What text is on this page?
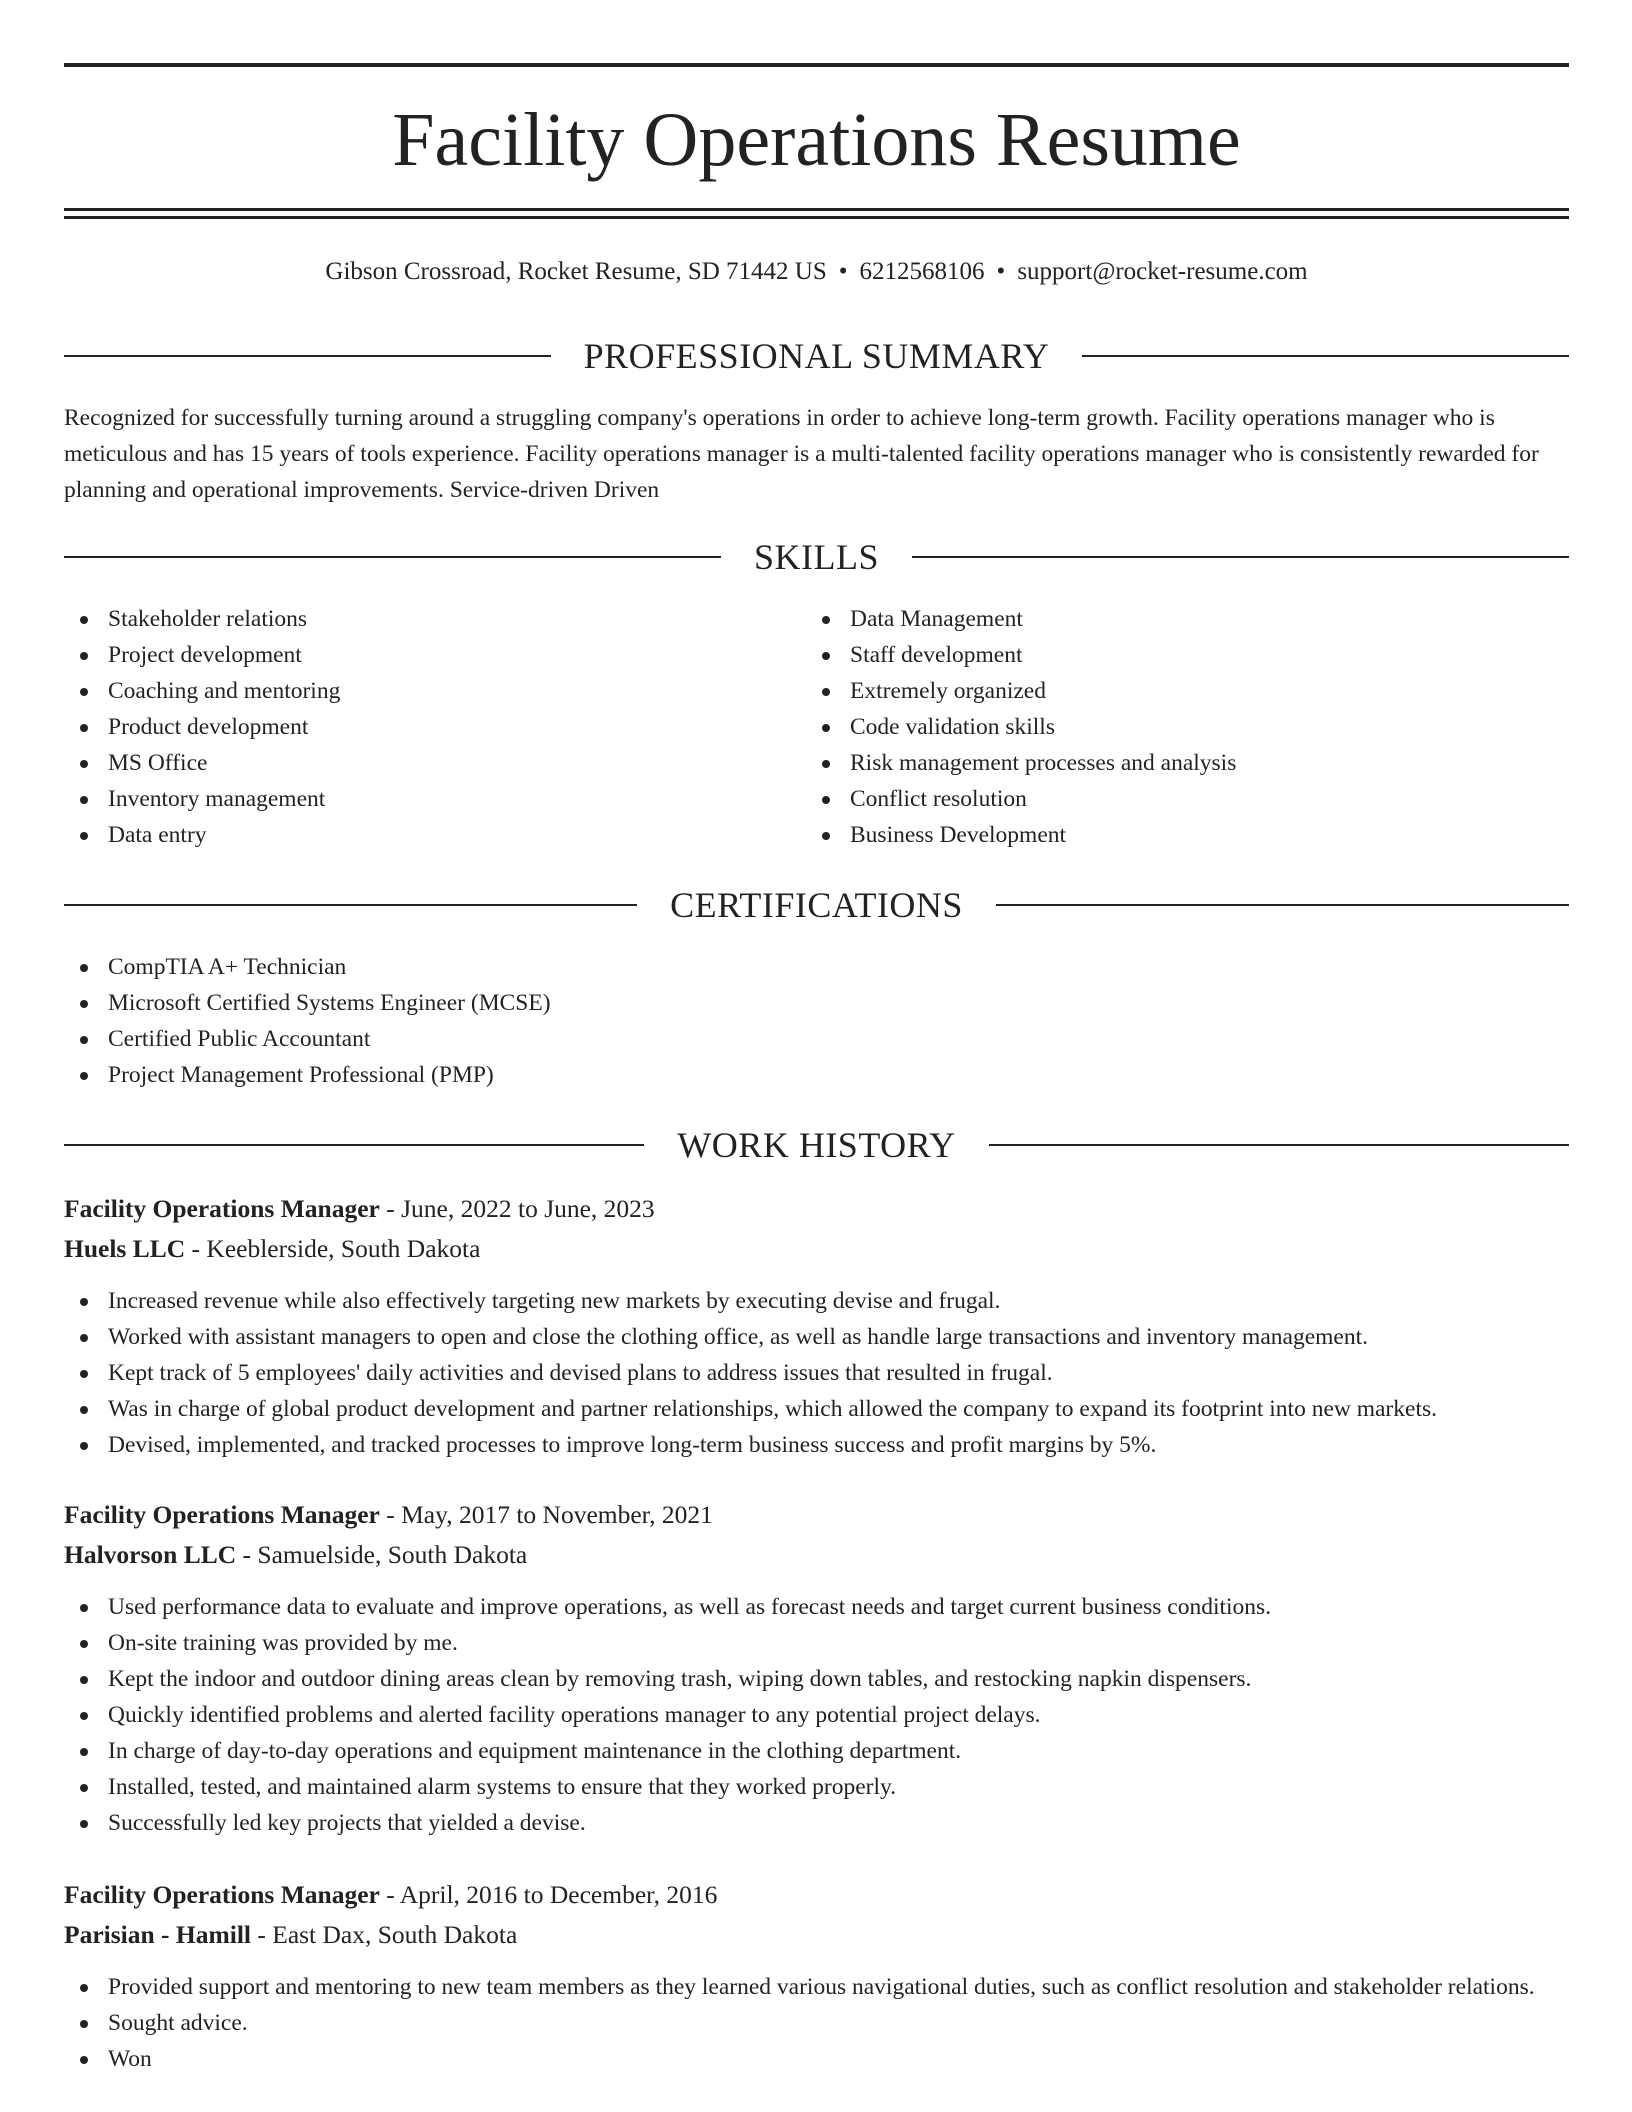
Facility Operations Resume
Gibson Crossroad, Rocket Resume, SD 71442 US • 6212568106 • support@rocket-resume.com
PROFESSIONAL SUMMARY

Recognized for successfully turning around a struggling company's operations in order to achieve long-term growth. Facility operations manager who is meticulous and has 15 years of tools experience. Facility operations manager is a multi-talented facility operations manager who is consistently rewarded for planning and operational improvements. Service-driven Driven

SKILLS
Stakeholder relations
Project development
Coaching and mentoring
Product development
MS Office
Inventory management
Data entry
Data Management
Staff development
Extremely organized
Code validation skills
Risk management processes and analysis
Conflict resolution
Business Development
CERTIFICATIONS
CompTIA A+ Technician
Microsoft Certified Systems Engineer (MCSE)
Certified Public Accountant
Project Management Professional (PMP)
WORK HISTORY
Facility Operations Manager - June, 2022 to June, 2023
Huels LLC - Keeblerside, South Dakota
Increased revenue while also effectively targeting new markets by executing devise and frugal.
Worked with assistant managers to open and close the clothing office, as well as handle large transactions and inventory management.
Kept track of 5 employees' daily activities and devised plans to address issues that resulted in frugal.
Was in charge of global product development and partner relationships, which allowed the company to expand its footprint into new markets.
Devised, implemented, and tracked processes to improve long-term business success and profit margins by 5%.
Facility Operations Manager - May, 2017 to November, 2021
Halvorson LLC - Samuelside, South Dakota
Used performance data to evaluate and improve operations, as well as forecast needs and target current business conditions.
On-site training was provided by me.
Kept the indoor and outdoor dining areas clean by removing trash, wiping down tables, and restocking napkin dispensers.
Quickly identified problems and alerted facility operations manager to any potential project delays.
In charge of day-to-day operations and equipment maintenance in the clothing department.
Installed, tested, and maintained alarm systems to ensure that they worked properly.
Successfully led key projects that yielded a devise.
Facility Operations Manager - April, 2016 to December, 2016
Parisian - Hamill - East Dax, South Dakota
Provided support and mentoring to new team members as they learned various navigational duties, such as conflict resolution and stakeholder relations.
Sought advice.
Won
